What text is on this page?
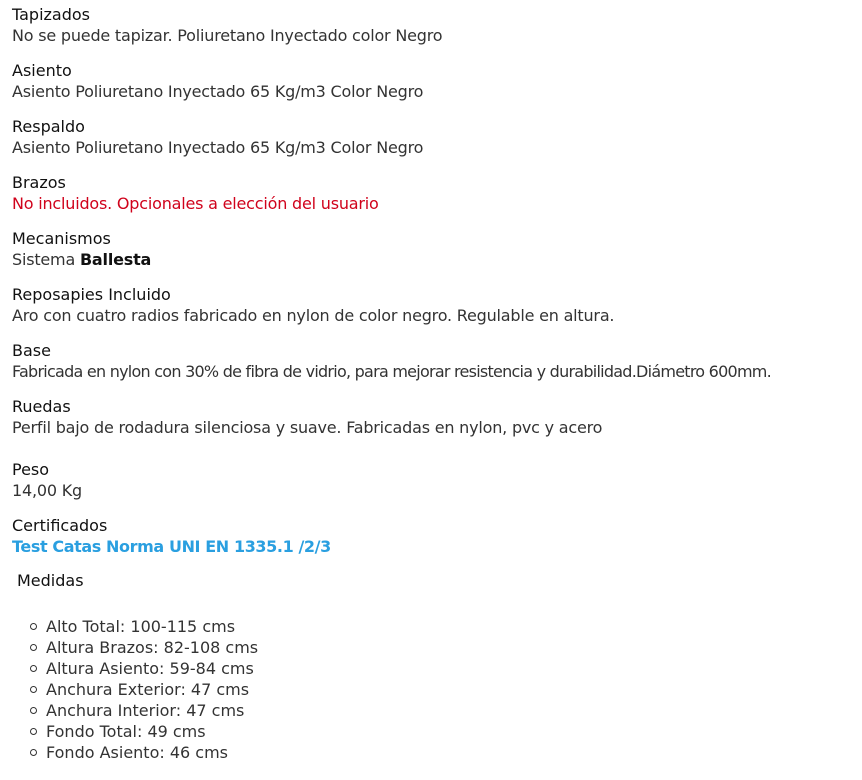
Tapizados
No se puede tapizar. Poliuretano Inyectado color Negro
Asiento
Asiento Poliuretano Inyectado 65 Kg/m3 Color Negro
Respaldo
Asiento Poliuretano Inyectado 65 Kg/m3 Color Negro
Brazos
No incluidos. Opcionales a elección del usuario
Mecanismos
Sistema Ballesta
Reposapies Incluido
Aro con cuatro radios fabricado en nylon de color negro. Regulable en altura.
Base
Fabricada en nylon con 30% de fibra de vidrio, para mejorar resistencia y durabilidad.Diámetro 600mm.
Ruedas
Perfil bajo de rodadura silenciosa y suave. Fabricadas en nylon, pvc y acero
Peso
14,00 Kg
Certificados
Test Catas Norma UNI EN 1335.1 /2/3
Medidas
Alto Total: 100-115 cms
Altura Brazos: 82-108 cms
Altura Asiento: 59-84 cms
Anchura Exterior: 47 cms
Anchura Interior: 47 cms
Fondo Total: 49 cms
Fondo Asiento: 46 cms
